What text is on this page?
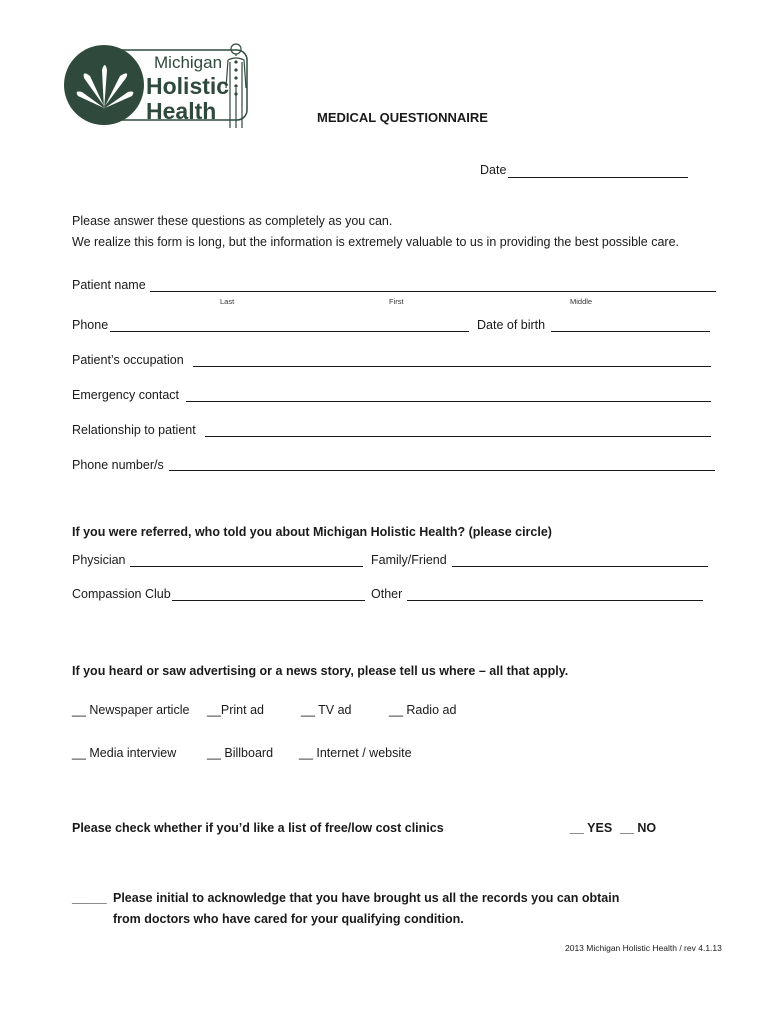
Michigan
Holistic
Health	MEDICAL QUESTIONNAIRE
Date
Please answer these questions as completely as you can.
We realize this form is long, but the information is extremely valuable to us in providing the best possible care.
Patient name
Last	First	Middle
Phone	Date of birth
Patient’s occupation
Emergency contact
Relationship to patient
Phone number/s
If you were referred, who told you about Michigan Holistic Health? (please circle)
Physician	Family/Friend
Compassion Club	Other
If you heard or saw advertising or a news story, please tell us where – all that apply.
__ Newspaper article __Print ad	__ TV ad	__ Radio ad
__ Media interview __ Billboard __ Internet / website
Please check whether if you’d like a list of free/low cost clinics	__ YES __ NO
_____ Please initial to acknowledge that you have brought us all the records you can obtain
from doctors who have cared for your qualifying condition.
2013 Michigan Holistic Health / rev 4.1.13
